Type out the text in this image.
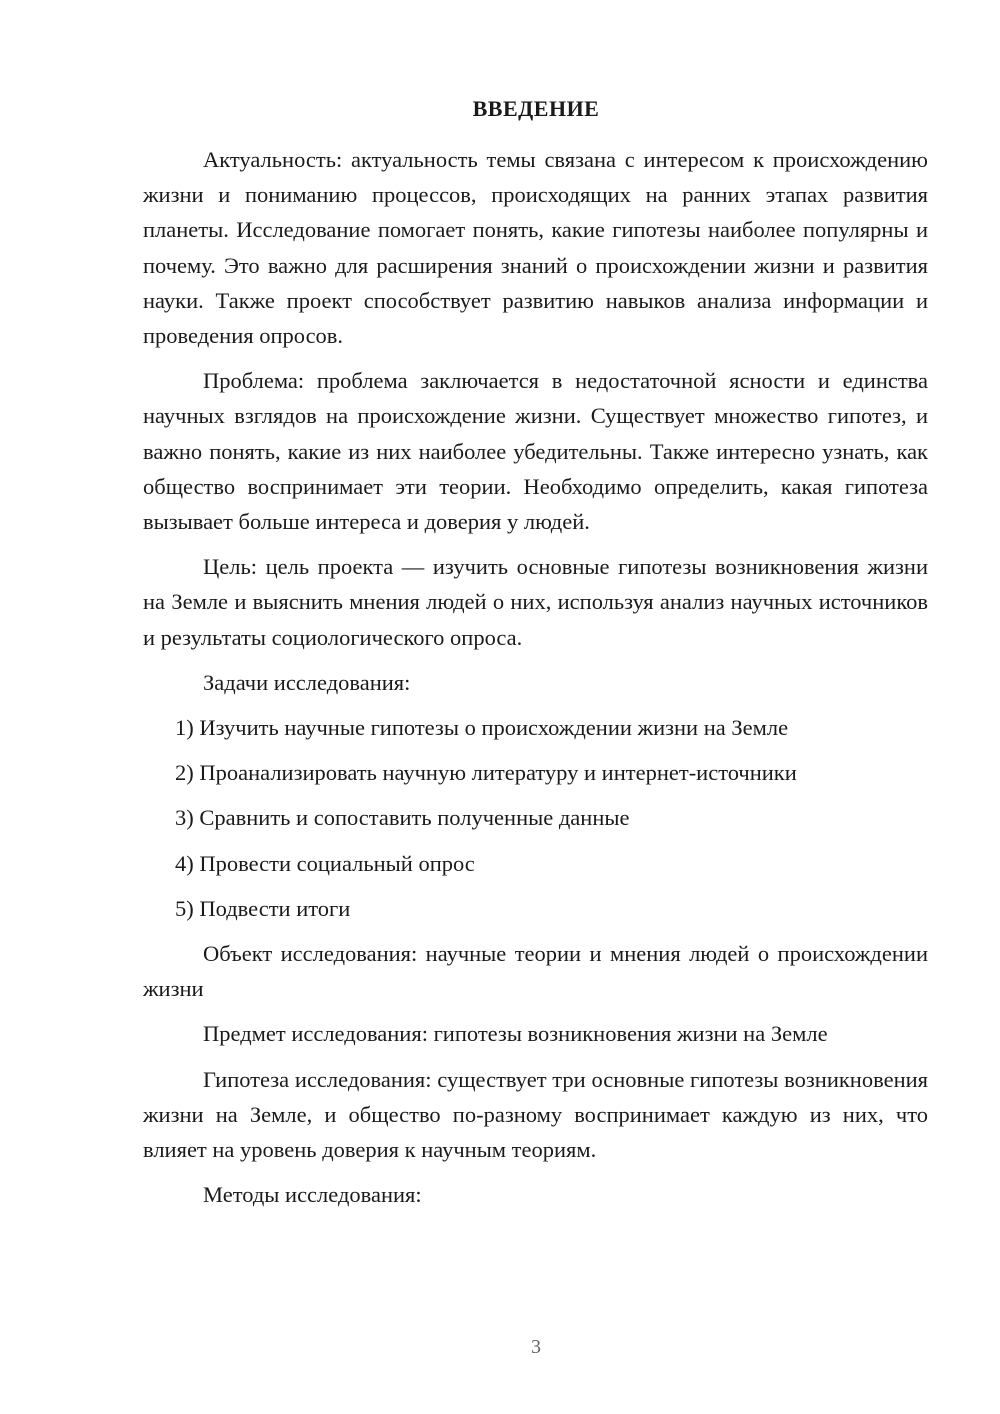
ВВЕДЕНИЕ

Актуальность: актуальность темы связана с интересом к происхождению жизни и пониманию процессов, происходящих на ранних этапах развития планеты. Исследование помогает понять, какие гипотезы наиболее популярны и почему. Это важно для расширения знаний о происхождении жизни и развития науки. Также проект способствует развитию навыков анализа информации и проведения опросов.

Проблема: проблема заключается в недостаточной ясности и единства научных взглядов на происхождение жизни. Существует множество гипотез, и важно понять, какие из них наиболее убедительны. Также интересно узнать, как общество воспринимает эти теории. Необходимо определить, какая гипотеза вызывает больше интереса и доверия у людей.

Цель: цель проекта — изучить основные гипотезы возникновения жизни на Земле и выяснить мнения людей о них, используя анализ научных источников и результаты социологического опроса.

Задачи исследования:

1) Изучить научные гипотезы о происхождении жизни на Земле

2) Проанализировать научную литературу и интернет-источники

3) Сравнить и сопоставить полученные данные

4) Провести социальный опрос

5) Подвести итоги

Объект исследования: научные теории и мнения людей о происхождении жизни

Предмет исследования: гипотезы возникновения жизни на Земле

Гипотеза исследования: существует три основные гипотезы возникновения жизни на Земле, и общество по-разному воспринимает каждую из них, что влияет на уровень доверия к научным теориям.

Методы исследования:

3
